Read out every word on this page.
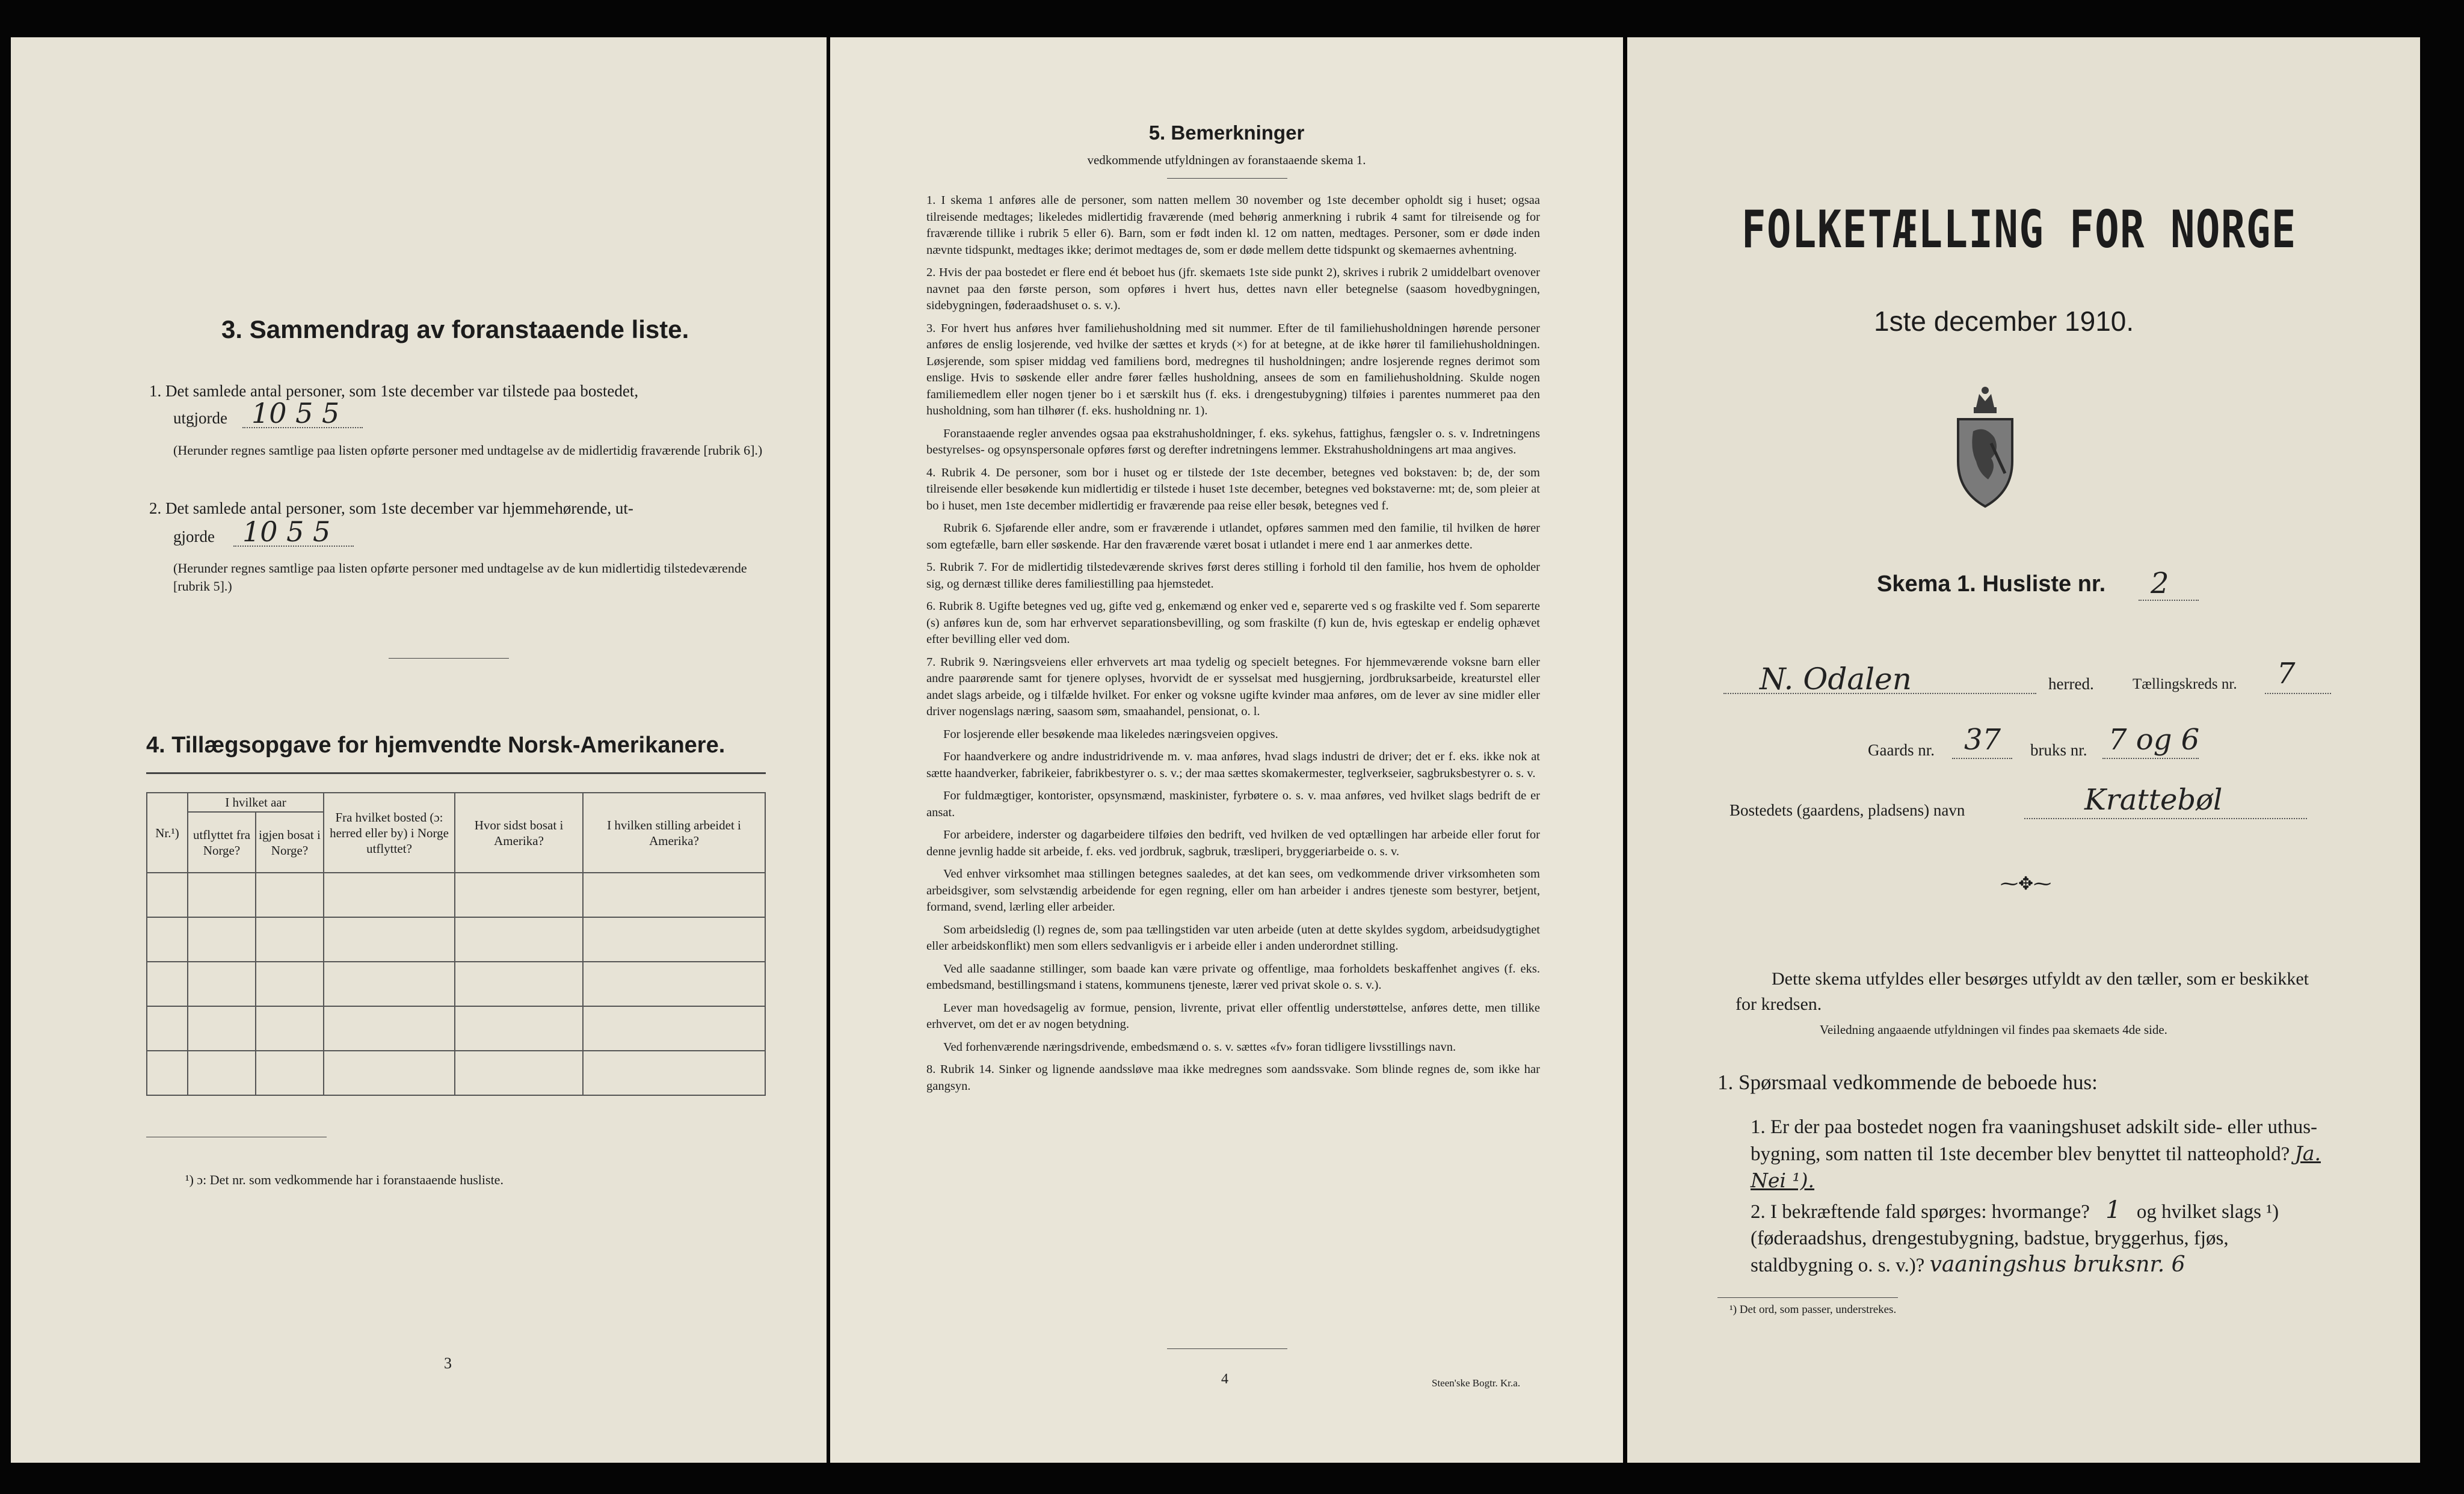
3. Sammendrag av foranstaaende liste.
1. Det samlede antal personer, som 1ste december var tilstede paa bostedet,
utgjorde 10 5 5
(Herunder regnes samtlige paa listen opførte personer med undtagelse av de midlertidig fraværende [rubrik 6].)
2. Det samlede antal personer, som 1ste december var hjemmehørende, ut-
gjorde 10 5 5
(Herunder regnes samtlige paa listen opførte personer med undtagelse av de kun midlertidig tilstedeværende [rubrik 5].)
4. Tillægsopgave for hjemvendte Norsk-Amerikanere.
Nr.¹)	I hvilket aar		Fra hvilket bosted (ɔ: herred eller by) i Norge utflyttet?	Hvor sidst bosat i Amerika?	I hvilken stilling arbeidet i Amerika?
	utflyttet fra Norge?	igjen bosat i Norge?			

¹) ɔ: Det nr. som vedkommende har i foranstaaende husliste.
3
5. Bemerkninger
vedkommende utfyldningen av foranstaaende skema 1.

1. I skema 1 anføres alle de personer, som natten mellem 30 november og 1ste december opholdt sig i huset; ogsaa tilreisende medtages; likeledes midlertidig fraværende (med behørig anmerkning i rubrik 4 samt for tilreisende og for fraværende tillike i rubrik 5 eller 6). Barn, som er født inden kl. 12 om natten, medtages. Personer, som er døde inden nævnte tidspunkt, medtages ikke; derimot medtages de, som er døde mellem dette tidspunkt og skemaernes avhentning.

2. Hvis der paa bostedet er flere end ét beboet hus (jfr. skemaets 1ste side punkt 2), skrives i rubrik 2 umiddelbart ovenover navnet paa den første person, som opføres i hvert hus, dettes navn eller betegnelse (saasom hovedbygningen, sidebygningen, føderaadshuset o. s. v.).

3. For hvert hus anføres hver familiehusholdning med sit nummer. Efter de til familiehusholdningen hørende personer anføres de enslig losjerende, ved hvilke der sættes et kryds (×) for at betegne, at de ikke hører til familiehusholdningen. Løsjerende, som spiser middag ved familiens bord, medregnes til husholdningen; andre losjerende regnes derimot som enslige. Hvis to søskende eller andre fører fælles husholdning, ansees de som en familiehusholdning. Skulde nogen familiemedlem eller nogen tjener bo i et særskilt hus (f. eks. i drengestubygning) tilføies i parentes nummeret paa den husholdning, som han tilhører (f. eks. husholdning nr. 1).

Foranstaaende regler anvendes ogsaa paa ekstrahusholdninger, f. eks. sykehus, fattighus, fængsler o. s. v. Indretningens bestyrelses- og opsynspersonale opføres først og derefter indretningens lemmer. Ekstrahusholdningens art maa angives.

4. Rubrik 4. De personer, som bor i huset og er tilstede der 1ste december, betegnes ved bokstaven: b; de, der som tilreisende eller besøkende kun midlertidig er tilstede i huset 1ste december, betegnes ved bokstaverne: mt; de, som pleier at bo i huset, men 1ste december midlertidig er fraværende paa reise eller besøk, betegnes ved f.

Rubrik 6. Sjøfarende eller andre, som er fraværende i utlandet, opføres sammen med den familie, til hvilken de hører som egtefælle, barn eller søskende. Har den fraværende været bosat i utlandet i mere end 1 aar anmerkes dette.

5. Rubrik 7. For de midlertidig tilstedeværende skrives først deres stilling i forhold til den familie, hos hvem de opholder sig, og dernæst tillike deres familiestilling paa hjemstedet.

6. Rubrik 8. Ugifte betegnes ved ug, gifte ved g, enkemænd og enker ved e, separerte ved s og fraskilte ved f. Som separerte (s) anføres kun de, som har erhvervet separationsbevilling, og som fraskilte (f) kun de, hvis egteskap er endelig ophævet efter bevilling eller ved dom.

7. Rubrik 9. Næringsveiens eller erhvervets art maa tydelig og specielt betegnes. For hjemmeværende voksne barn eller andre paarørende samt for tjenere oplyses, hvorvidt de er sysselsat med husgjerning, jordbruksarbeide, kreaturstel eller andet slags arbeide, og i tilfælde hvilket. For enker og voksne ugifte kvinder maa anføres, om de lever av sine midler eller driver nogenslags næring, saasom søm, smaahandel, pensionat, o. l.

For losjerende eller besøkende maa likeledes næringsveien opgives.

For haandverkere og andre industridrivende m. v. maa anføres, hvad slags industri de driver; det er f. eks. ikke nok at sætte haandverker, fabrikeier, fabrikbestyrer o. s. v.; der maa sættes skomakermester, teglverkseier, sagbruksbestyrer o. s. v.

For fuldmægtiger, kontorister, opsynsmænd, maskinister, fyrbøtere o. s. v. maa anføres, ved hvilket slags bedrift de er ansat.

For arbeidere, inderster og dagarbeidere tilføies den bedrift, ved hvilken de ved optællingen har arbeide eller forut for denne jevnlig hadde sit arbeide, f. eks. ved jordbruk, sagbruk, træsliperi, bryggeriarbeide o. s. v.

Ved enhver virksomhet maa stillingen betegnes saaledes, at det kan sees, om vedkommende driver virksomheten som arbeidsgiver, som selvstændig arbeidende for egen regning, eller om han arbeider i andres tjeneste som bestyrer, betjent, formand, svend, lærling eller arbeider.

Som arbeidsledig (l) regnes de, som paa tællingstiden var uten arbeide (uten at dette skyldes sygdom, arbeidsudygtighet eller arbeidskonflikt) men som ellers sedvanligvis er i arbeide eller i anden underordnet stilling.

Ved alle saadanne stillinger, som baade kan være private og offentlige, maa forholdets beskaffenhet angives (f. eks. embedsmand, bestillingsmand i statens, kommunens tjeneste, lærer ved privat skole o. s. v.).

Lever man hovedsagelig av formue, pension, livrente, privat eller offentlig understøttelse, anføres dette, men tillike erhvervet, om det er av nogen betydning.

Ved forhenværende næringsdrivende, embedsmænd o. s. v. sættes «fv» foran tidligere livsstillings navn.

8. Rubrik 14. Sinker og lignende aandssløve maa ikke medregnes som aandssvake. Som blinde regnes de, som ikke har gangsyn.

4	Steen'ske Bogtr. Kr.a.
FOLKETÆLLING FOR NORGE
1ste december 1910.
Skema 1. Husliste nr. 2
N. Odalen	herred.	Tællingskreds nr. 7
Gaards nr. 37 bruks nr. 7 og 6
Bostedets (gaardens, pladsens) navn	Krattebøl
⁓✥⁓
Dette skema utfyldes eller besørges utfyldt av den tæller, som er beskikket for kredsen.
Veiledning angaaende utfyldningen vil findes paa skemaets 4de side.
1. Spørsmaal vedkommende de beboede hus:
1. Er der paa bostedet nogen fra vaaningshuset adskilt side- eller uthus-bygning, som natten til 1ste december blev benyttet til natteophold? Ja. Nei ¹).
2. I bekræftende fald spørges: hvormange? 1 og hvilket slags ¹) (føderaadshus, drengestubygning, badstue, bryggerhus, fjøs, staldbygning o. s. v.)? vaaningshus bruksnr. 6
¹) Det ord, som passer, understrekes.
